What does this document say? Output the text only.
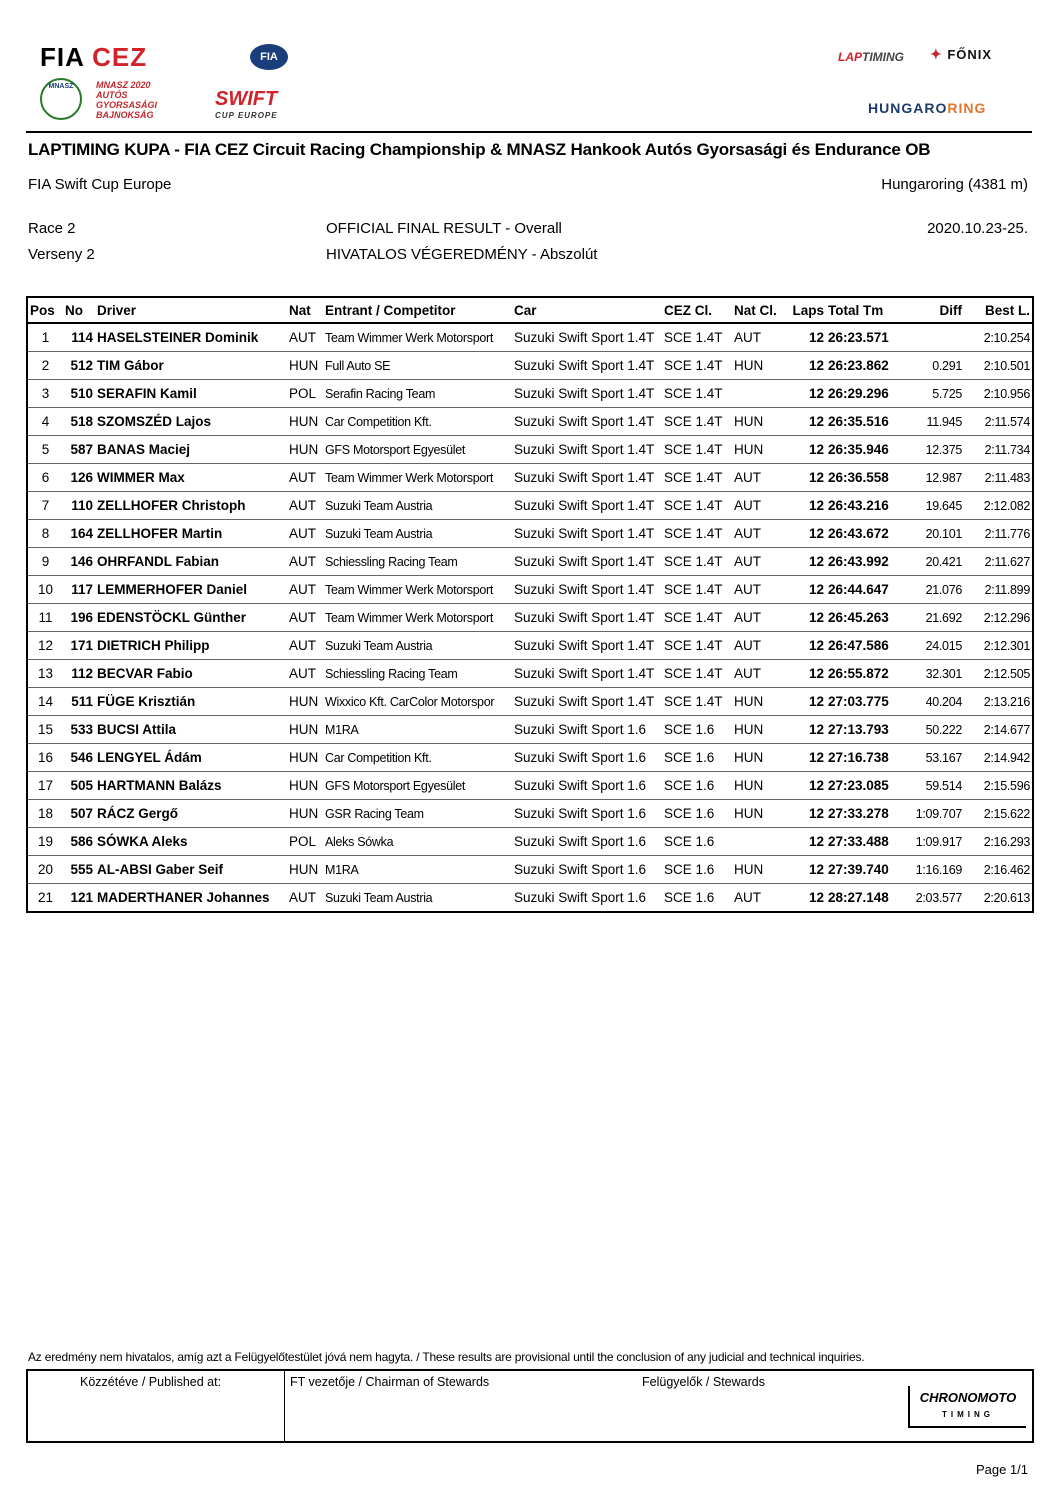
FIA CEZ	FIA
MNASZ	MNASZ 2020 AUTÓS GYORSASÁGI BAJNOKSÁG
SWIFT
CUP EUROPE
LAPTIMING ✦ FŐNIX
HUNGARORING
LAPTIMING KUPA - FIA CEZ Circuit Racing Championship & MNASZ Hankook Autós Gyorsasági és Endurance OB
FIA Swift Cup Europe	Hungaroring (4381 m)
Race 2
Verseny 2
OFFICIAL FINAL RESULT - Overall
HIVATALOS VÉGEREDMÉNY - Abszolút
2020.10.23-25.
Pos	No	Driver	Nat	Entrant / Competitor	Car	CEZ Cl.	Nat Cl.	Laps	Total Tm	Diff	Best L.
1	114	HASELSTEINER Dominik	AUT	Team Wimmer Werk Motorsport	Suzuki Swift Sport 1.4T	SCE 1.4T	AUT	12	26:23.571		2:10.254
2	512	TIM Gábor	HUN	Full Auto SE	Suzuki Swift Sport 1.4T	SCE 1.4T	HUN	12	26:23.862	0.291	2:10.501
3	510	SERAFIN Kamil	POL	Serafin Racing Team	Suzuki Swift Sport 1.4T	SCE 1.4T		12	26:29.296	5.725	2:10.956
4	518	SZOMSZÉD Lajos	HUN	Car Competition Kft.	Suzuki Swift Sport 1.4T	SCE 1.4T	HUN	12	26:35.516	11.945	2:11.574
5	587	BANAS Maciej	HUN	GFS Motorsport Egyesület	Suzuki Swift Sport 1.4T	SCE 1.4T	HUN	12	26:35.946	12.375	2:11.734
6	126	WIMMER Max	AUT	Team Wimmer Werk Motorsport	Suzuki Swift Sport 1.4T	SCE 1.4T	AUT	12	26:36.558	12.987	2:11.483
7	110	ZELLHOFER Christoph	AUT	Suzuki Team Austria	Suzuki Swift Sport 1.4T	SCE 1.4T	AUT	12	26:43.216	19.645	2:12.082
8	164	ZELLHOFER Martin	AUT	Suzuki Team Austria	Suzuki Swift Sport 1.4T	SCE 1.4T	AUT	12	26:43.672	20.101	2:11.776
9	146	OHRFANDL Fabian	AUT	Schiessling Racing Team	Suzuki Swift Sport 1.4T	SCE 1.4T	AUT	12	26:43.992	20.421	2:11.627
10	117	LEMMERHOFER Daniel	AUT	Team Wimmer Werk Motorsport	Suzuki Swift Sport 1.4T	SCE 1.4T	AUT	12	26:44.647	21.076	2:11.899
11	196	EDENSTÖCKL Günther	AUT	Team Wimmer Werk Motorsport	Suzuki Swift Sport 1.4T	SCE 1.4T	AUT	12	26:45.263	21.692	2:12.296
12	171	DIETRICH Philipp	AUT	Suzuki Team Austria	Suzuki Swift Sport 1.4T	SCE 1.4T	AUT	12	26:47.586	24.015	2:12.301
13	112	BECVAR Fabio	AUT	Schiessling Racing Team	Suzuki Swift Sport 1.4T	SCE 1.4T	AUT	12	26:55.872	32.301	2:12.505
14	511	FÜGE Krisztián	HUN	Wixxico Kft. CarColor Motorspor	Suzuki Swift Sport 1.4T	SCE 1.4T	HUN	12	27:03.775	40.204	2:13.216
15	533	BUCSI Attila	HUN	M1RA	Suzuki Swift Sport 1.6	SCE 1.6	HUN	12	27:13.793	50.222	2:14.677
16	546	LENGYEL Ádám	HUN	Car Competition Kft.	Suzuki Swift Sport 1.6	SCE 1.6	HUN	12	27:16.738	53.167	2:14.942
17	505	HARTMANN Balázs	HUN	GFS Motorsport Egyesület	Suzuki Swift Sport 1.6	SCE 1.6	HUN	12	27:23.085	59.514	2:15.596
18	507	RÁCZ Gergő	HUN	GSR Racing Team	Suzuki Swift Sport 1.6	SCE 1.6	HUN	12	27:33.278	1:09.707	2:15.622
19	586	SÓWKA Aleks	POL	Aleks Sówka	Suzuki Swift Sport 1.6	SCE 1.6		12	27:33.488	1:09.917	2:16.293
20	555	AL-ABSI Gaber Seif	HUN	M1RA	Suzuki Swift Sport 1.6	SCE 1.6	HUN	12	27:39.740	1:16.169	2:16.462
21	121	MADERTHANER Johannes	AUT	Suzuki Team Austria	Suzuki Swift Sport 1.6	SCE 1.6	AUT	12	28:27.148	2:03.577	2:20.613
Az eredmény nem hivatalos, amíg azt a Felügyelőtestület jóvá nem hagyta. / These results are provisional until the conclusion of any judicial and technical inquiries.
Közzétéve / Published at:	FT vezetője / Chairman of Stewards	Felügyelők / Stewards
CHRONOMOTO
TIMING
Page 1/1
